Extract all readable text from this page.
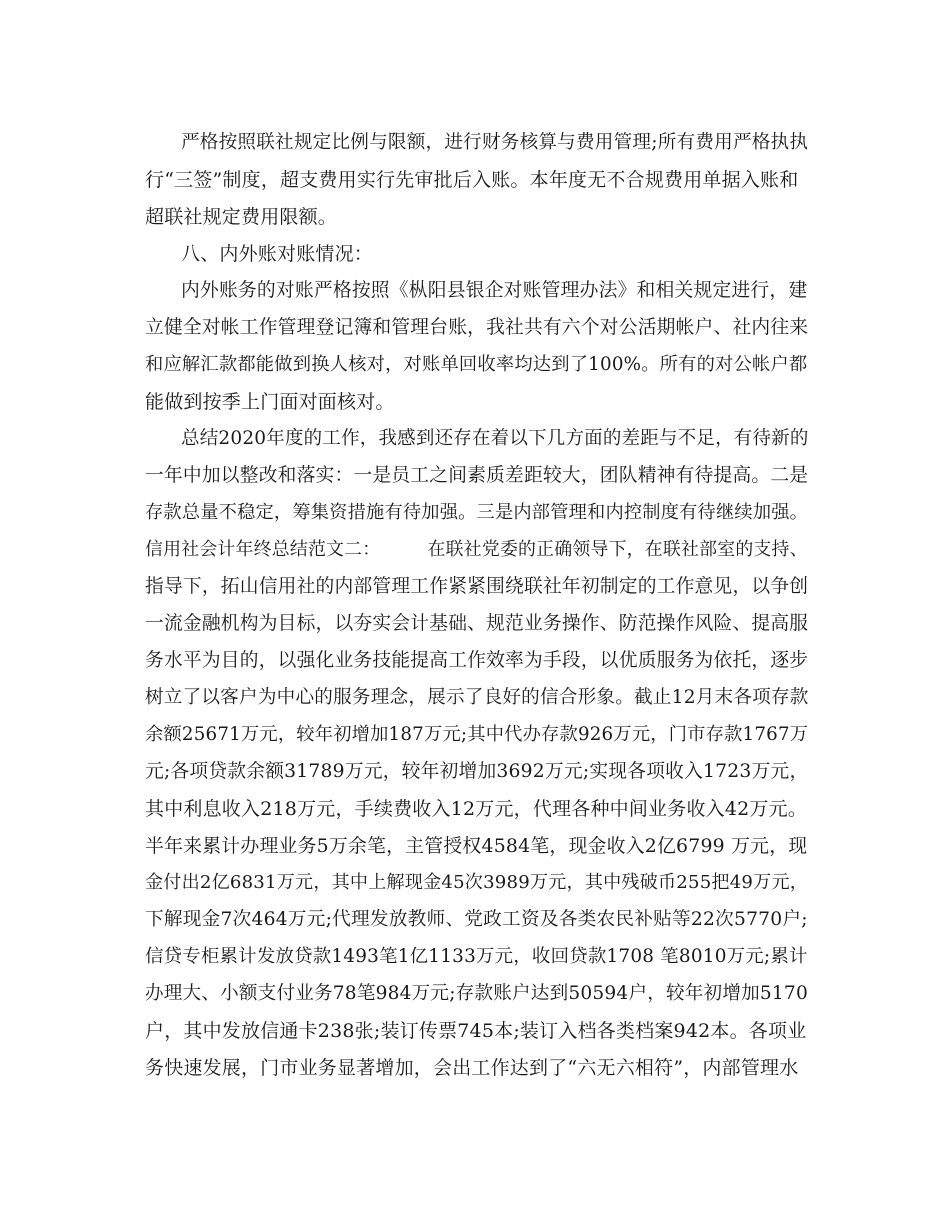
严格按照联社规定比例与限额，进行财务核算与费用管理;所有费用严格执执
行“三签”制度，超支费用实行先审批后入账。本年度无不合规费用单据入账和
超联社规定费用限额。
八、内外账对账情况：
内外账务的对账严格按照《枞阳县银企对账管理办法》和相关规定进行，建
立健全对帐工作管理登记簿和管理台账，我社共有六个对公活期帐户、社内往来
和应解汇款都能做到换人核对，对账单回收率均达到了100%。所有的对公帐户都
能做到按季上门面对面核对。
总结2020年度的工作，我感到还存在着以下几方面的差距与不足，有待新的
一年中加以整改和落实：一是员工之间素质差距较大，团队精神有待提高。二是
存款总量不稳定，筹集资措施有待加强。三是内部管理和内控制度有待继续加强。
信用社会计年终总结范文二：        在联社党委的正确领导下，在联社部室的支持、
指导下，拓山信用社的内部管理工作紧紧围绕联社年初制定的工作意见，以争创
一流金融机构为目标，以夯实会计基础、规范业务操作、防范操作风险、提高服
务水平为目的，以强化业务技能提高工作效率为手段，以优质服务为依托，逐步
树立了以客户为中心的服务理念，展示了良好的信合形象。截止12月末各项存款
余额25671万元，较年初增加187万元;其中代办存款926万元，门市存款1767万
元;各项贷款余额31789万元，较年初增加3692万元;实现各项收入1723万元，
其中利息收入218万元，手续费收入12万元，代理各种中间业务收入42万元。
半年来累计办理业务5万余笔，主管授权4584笔，现金收入2亿6799 万元，现
金付出2亿6831万元，其中上解现金45次3989万元，其中残破币255把49万元，
下解现金7次464万元;代理发放教师、党政工资及各类农民补贴等22次5770户;
信贷专柜累计发放贷款1493笔1亿1133万元，收回贷款1708 笔8010万元;累计
办理大、小额支付业务78笔984万元;存款账户达到50594户，较年初增加5170
户，其中发放信通卡238张;装订传票745本;装订入档各类档案942本。各项业
务快速发展，门市业务显著增加，会出工作达到了“六无六相符”，内部管理水
